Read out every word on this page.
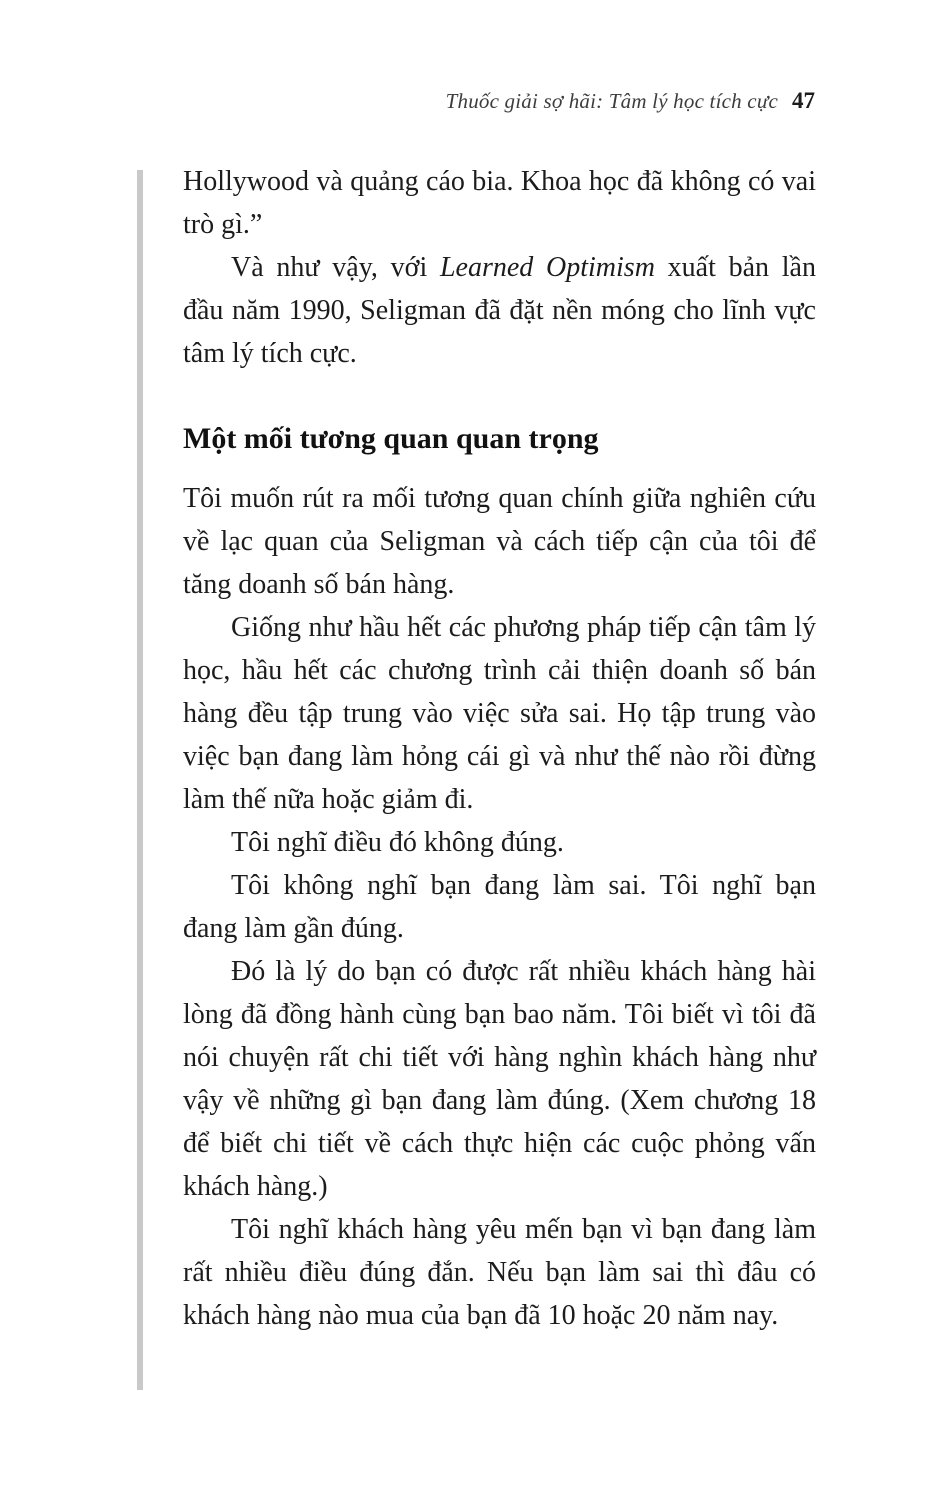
Thuốc giải sợ hãi: Tâm lý học tích cực 47

Hollywood và quảng cáo bia. Khoa học đã không có vai trò gì.”

Và như vậy, với Learned Optimism xuất bản lần đầu năm 1990, Seligman đã đặt nền móng cho lĩnh vực tâm lý tích cực.

Một mối tương quan quan trọng

Tôi muốn rút ra mối tương quan chính giữa nghiên cứu về lạc quan của Seligman và cách tiếp cận của tôi để tăng doanh số bán hàng.

Giống như hầu hết các phương pháp tiếp cận tâm lý học, hầu hết các chương trình cải thiện doanh số bán hàng đều tập trung vào việc sửa sai. Họ tập trung vào việc bạn đang làm hỏng cái gì và như thế nào rồi đừng làm thế nữa hoặc giảm đi.

Tôi nghĩ điều đó không đúng.

Tôi không nghĩ bạn đang làm sai. Tôi nghĩ bạn đang làm gần đúng.

Đó là lý do bạn có được rất nhiều khách hàng hài lòng đã đồng hành cùng bạn bao năm. Tôi biết vì tôi đã nói chuyện rất chi tiết với hàng nghìn khách hàng như vậy về những gì bạn đang làm đúng. (Xem chương 18 để biết chi tiết về cách thực hiện các cuộc phỏng vấn khách hàng.)

Tôi nghĩ khách hàng yêu mến bạn vì bạn đang làm rất nhiều điều đúng đắn. Nếu bạn làm sai thì đâu có khách hàng nào mua của bạn đã 10 hoặc 20 năm nay.
